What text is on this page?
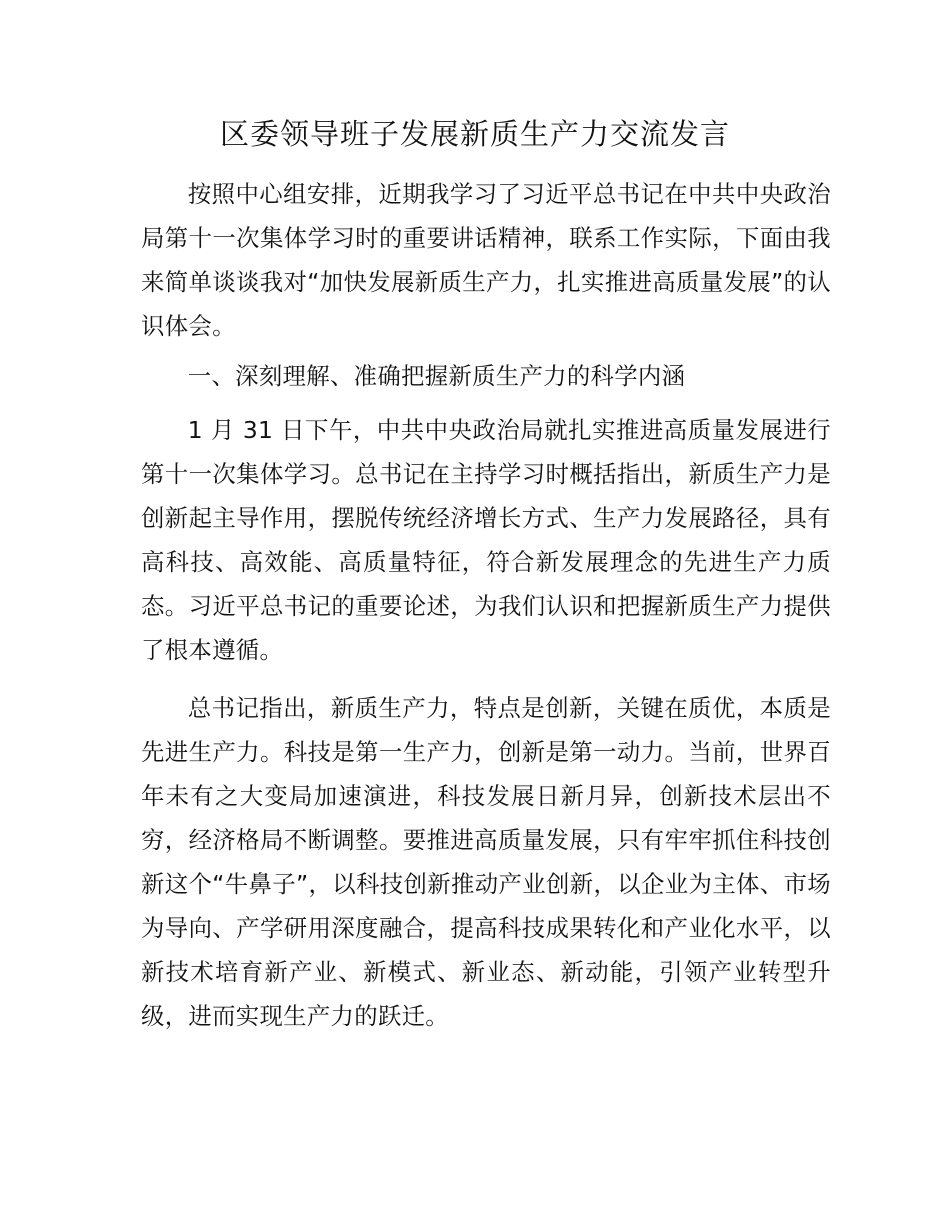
区委领导班子发展新质生产力交流发言

按照中心组安排，近期我学习了习近平总书记在中共中央政治局第十一次集体学习时的重要讲话精神，联系工作实际，下面由我来简单谈谈我对“加快发展新质生产力，扎实推进高质量发展”的认识体会。

一、深刻理解、准确把握新质生产力的科学内涵

1 月 31 日下午，中共中央政治局就扎实推进高质量发展进行第十一次集体学习。总书记在主持学习时概括指出，新质生产力是创新起主导作用，摆脱传统经济增长方式、生产力发展路径，具有高科技、高效能、高质量特征，符合新发展理念的先进生产力质态。习近平总书记的重要论述，为我们认识和把握新质生产力提供了根本遵循。

总书记指出，新质生产力，特点是创新，关键在质优，本质是先进生产力。科技是第一生产力，创新是第一动力。当前，世界百年未有之大变局加速演进，科技发展日新月异，创新技术层出不穷，经济格局不断调整。要推进高质量发展，只有牢牢抓住科技创新这个“牛鼻子”，以科技创新推动产业创新，以企业为主体、市场为导向、产学研用深度融合，提高科技成果转化和产业化水平，以新技术培育新产业、新模式、新业态、新动能，引领产业转型升级，进而实现生产力的跃迁。
